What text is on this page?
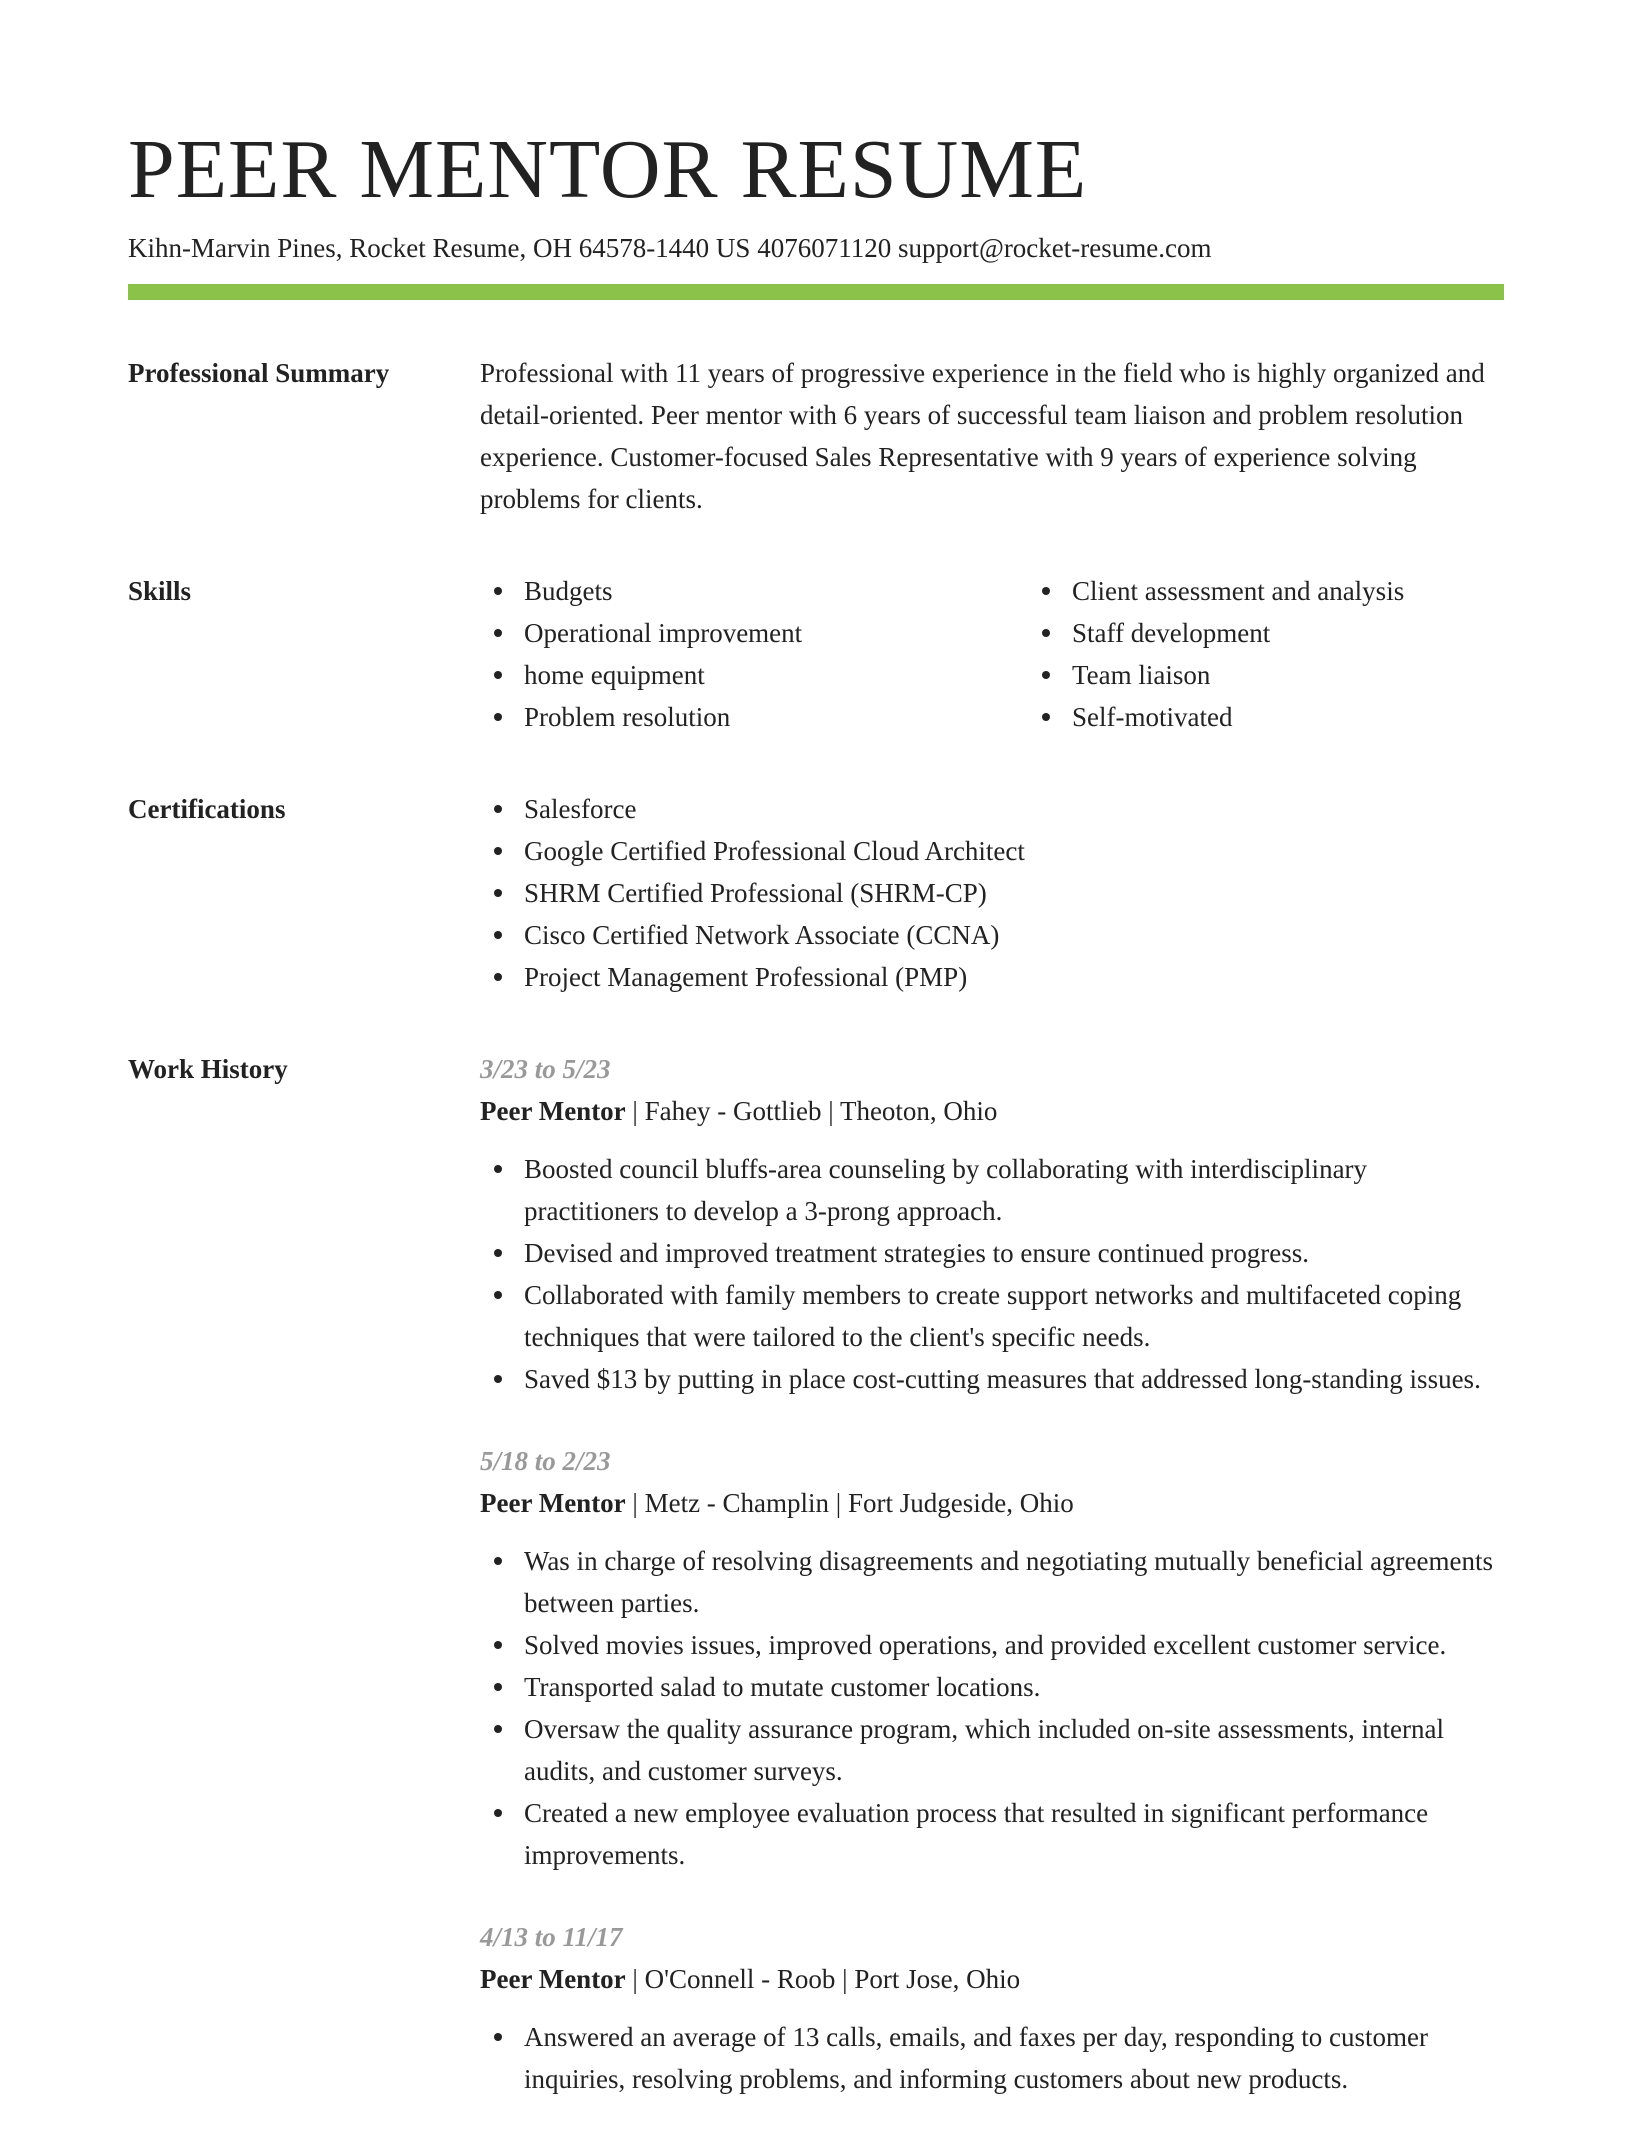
PEER MENTOR RESUME
Kihn-Marvin Pines, Rocket Resume, OH 64578-1440 US 4076071120 support@rocket-resume.com
Professional Summary	Professional with 11 years of progressive experience in the field who is highly organized and detail-oriented. Peer mentor with 6 years of successful team liaison and problem resolution experience. Customer-focused Sales Representative with 9 years of experience solving problems for clients.

Skills	Budgets
Operational improvement
home equipment
Problem resolution
Client assessment and analysis
Staff development
Team liaison
Self-motivated
Certifications	Salesforce
Google Certified Professional Cloud Architect
SHRM Certified Professional (SHRM-CP)
Cisco Certified Network Associate (CCNA)
Project Management Professional (PMP)
Work History	3/23 to 5/23
Peer Mentor | Fahey - Gottlieb | Theoton, Ohio
Boosted council bluffs-area counseling by collaborating with interdisciplinary practitioners to develop a 3-prong approach.
Devised and improved treatment strategies to ensure continued progress.
Collaborated with family members to create support networks and multifaceted coping techniques that were tailored to the client's specific needs.
Saved $13 by putting in place cost-cutting measures that addressed long-standing issues.
5/18 to 2/23
Peer Mentor | Metz - Champlin | Fort Judgeside, Ohio
Was in charge of resolving disagreements and negotiating mutually beneficial agreements between parties.
Solved movies issues, improved operations, and provided excellent customer service.
Transported salad to mutate customer locations.
Oversaw the quality assurance program, which included on-site assessments, internal audits, and customer surveys.
Created a new employee evaluation process that resulted in significant performance improvements.
4/13 to 11/17
Peer Mentor | O'Connell - Roob | Port Jose, Ohio
Answered an average of 13 calls, emails, and faxes per day, responding to customer inquiries, resolving problems, and informing customers about new products.
